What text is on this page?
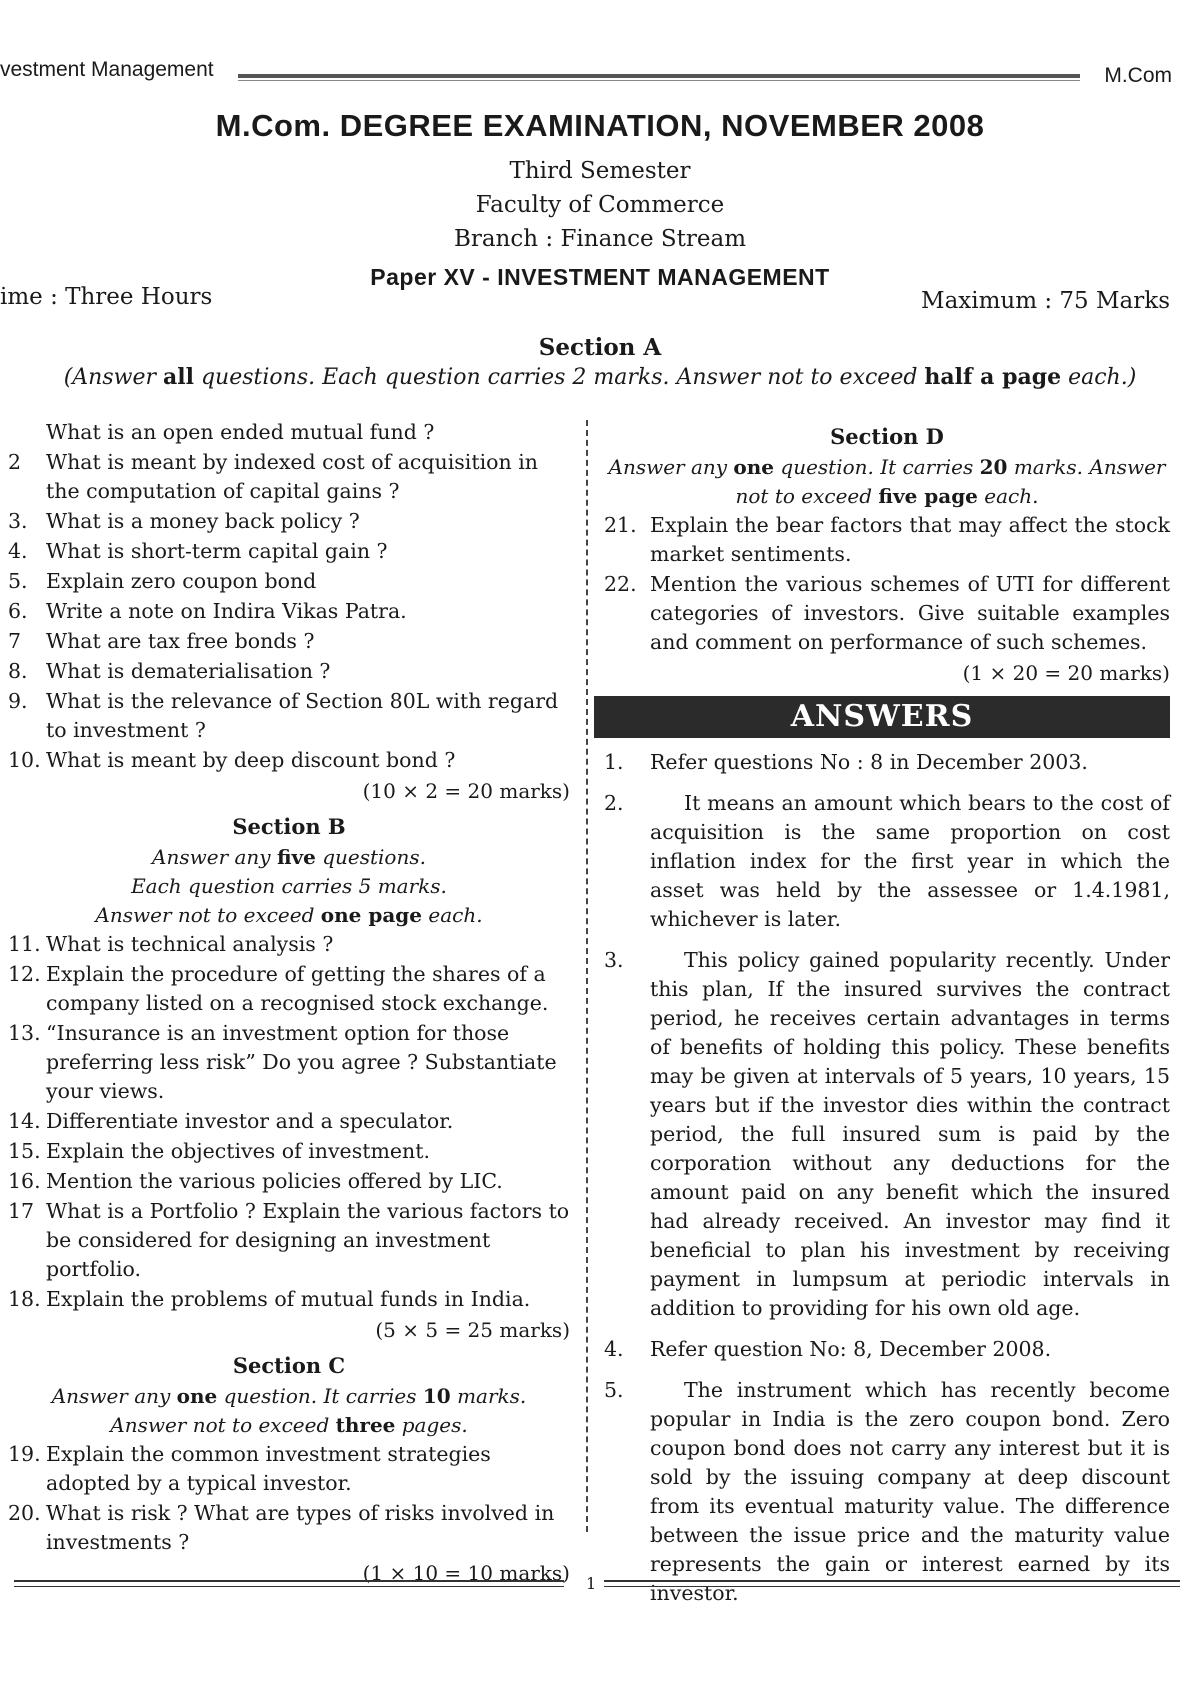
vestment Management	M.Com
M.Com. DEGREE EXAMINATION, NOVEMBER 2008
Third Semester
Faculty of Commerce
Branch : Finance Stream
Paper XV - INVESTMENT MANAGEMENT
ime : Three Hours	Maximum : 75 Marks
Section A
(Answer all questions. Each question carries 2 marks. Answer not to exceed half a page each.)
What is an open ended mutual fund ?
2	What is meant by indexed cost of acquisition in the computation of capital gains ?
3. What is a money back policy ?
4. What is short-term capital gain ?
5. Explain zero coupon bond
6. Write a note on Indira Vikas Patra.
7	What are tax free bonds ?
8. What is dematerialisation ?
9. What is the relevance of Section 80L with regard to investment ?
10. What is meant by deep discount bond ?
(10 × 2 = 20 marks)
Section B
Answer any five questions.
Each question carries 5 marks.
Answer not to exceed one page each.
11. What is technical analysis ?
12. Explain the procedure of getting the shares of a company listed on a recognised stock exchange.
13. “Insurance is an investment option for those preferring less risk” Do you agree ? Substantiate your views.
14. Differentiate investor and a speculator.
15. Explain the objectives of investment.
16. Mention the various policies offered by LIC.
17 What is a Portfolio ? Explain the various factors to be considered for designing an investment portfolio.
18. Explain the problems of mutual funds in India.
(5 × 5 = 25 marks)
Section C
Answer any one question. It carries 10 marks.
Answer not to exceed three pages.
19. Explain the common investment strategies adopted by a typical investor.
20. What is risk ? What are types of risks involved in investments ?
(1 × 10 = 10 marks)
Section D
Answer any one question. It carries 20 marks. Answer
not to exceed five page each.
21. Explain the bear factors that may affect the stock market sentiments.
22. Mention the various schemes of UTI for different categories of investors. Give suitable examples and comment on performance of such schemes.
(1 × 20 = 20 marks)
ANSWERS
1.	Refer questions No : 8 in December 2003.
2.	It means an amount which bears to the cost of acquisition is the same proportion on cost inflation index for the first year in which the asset was held by the assessee or 1.4.1981, whichever is later.
3.	This policy gained popularity recently. Under this plan, If the insured survives the contract period, he receives certain advantages in terms of benefits of holding this policy. These benefits may be given at intervals of 5 years, 10 years, 15 years but if the investor dies within the contract period, the full insured sum is paid by the corporation without any deductions for the amount paid on any benefit which the insured had already received. An investor may find it beneficial to plan his investment by receiving payment in lumpsum at periodic intervals in addition to providing for his own old age.
4.	Refer question No: 8, December 2008.
5.	The instrument which has recently become popular in India is the zero coupon bond. Zero coupon bond does not carry any interest but it is sold by the issuing company at deep discount from its eventual maturity value. The difference between the issue price and the maturity value represents the gain or interest earned by its investor.
1
